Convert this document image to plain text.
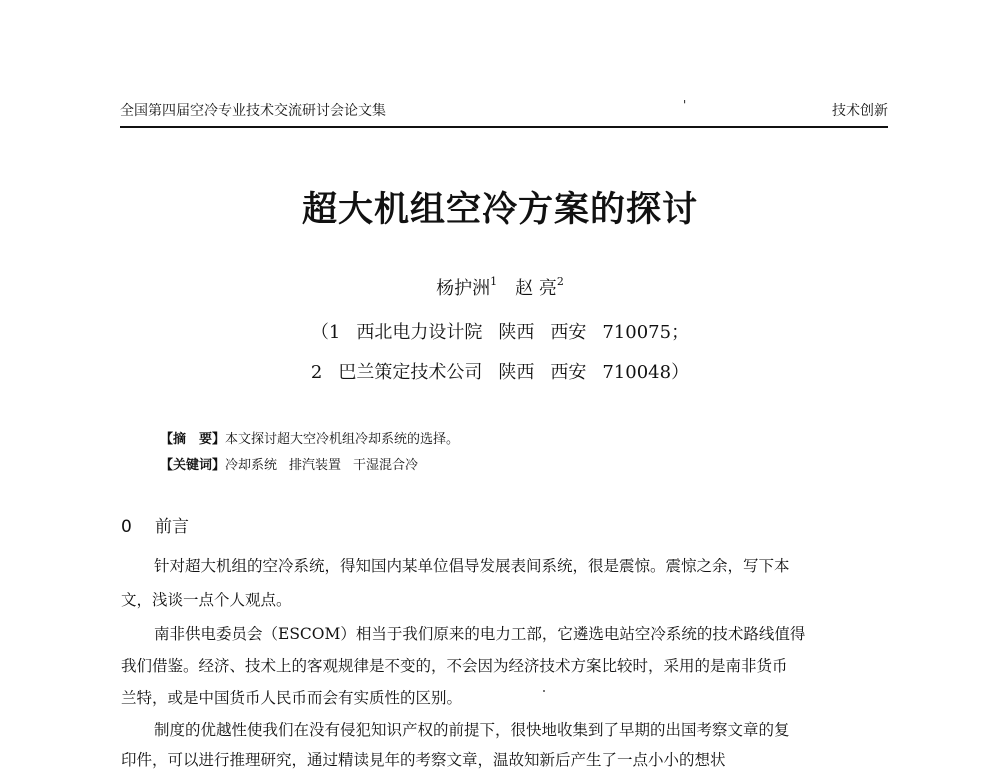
全国第四届空冷专业技术交流研讨会论文集	'	技术创新
超大机组空冷方案的探讨
杨护洲$^1$ 赵 亮$^2$
（1 西北电力设计院 陕西 西安 710075；
2 巴兰策定技术公司 陕西 西安 710048）
【摘　要】本文探讨超大空冷机组冷却系统的选择。
【关键词】冷却系统 排汽装置 干湿混合冷
0 前言
针对超大机组的空冷系统，得知国内某单位倡导发展表间系统，很是震惊。震惊之余，写下本
文，浅谈一点个人观点。
南非供电委员会（ESCOM）相当于我们原来的电力工部，它遴选电站空冷系统的技术路线值得
我们借鉴。经济、技术上的客观规律是不变的，不会因为经济技术方案比较时，采用的是南非货币
兰特，或是中国货币人民币而会有实质性的区别。
制度的优越性使我们在没有侵犯知识产权的前提下，很快地收集到了早期的出国考察文章的复
印件，可以进行推理研究，通过精读見年的考察文章，温故知新后产生了一点小小的想状
